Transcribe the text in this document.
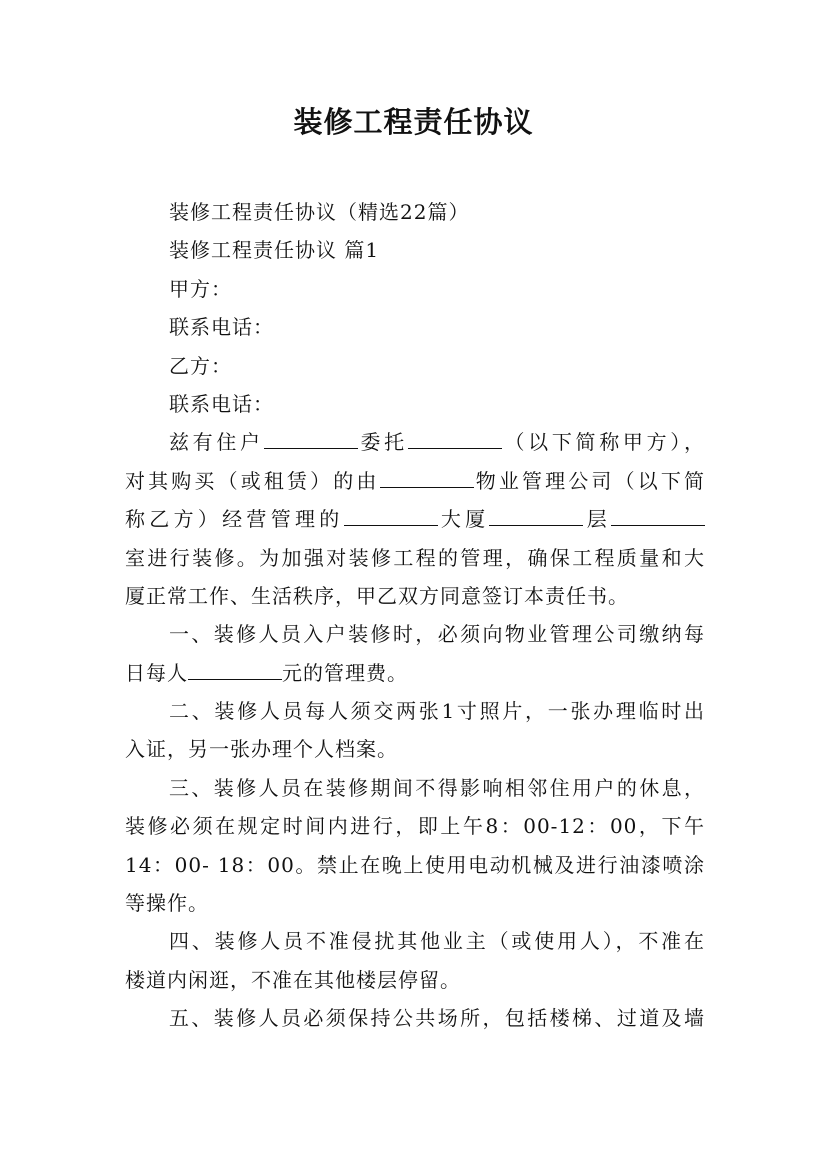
装修工程责任协议
装修工程责任协议（精选22篇）
装修工程责任协议 篇1
甲方：
联系电话：
乙方：
联系电话：
兹有住户	委托	（以下简称甲方），
对其购买（或租赁）的由	物业管理公司（以下简
称乙方）经营管理的	大厦	层
室进行装修。为加强对装修工程的管理，确保工程质量和大
厦正常工作、生活秩序，甲乙双方同意签订本责任书。
一、装修人员入户装修时，必须向物业管理公司缴纳每
日每人	元的管理费。
二、装修人员每人须交两张1寸照片，一张办理临时出
入证，另一张办理个人档案。
三、装修人员在装修期间不得影响相邻住用户的休息，
装修必须在规定时间内进行，即上午8：00-12：00，下午
14：00- 18：00。禁止在晚上使用电动机械及进行油漆喷涂
等操作。
四、装修人员不准侵扰其他业主（或使用人），不准在
楼道内闲逛，不准在其他楼层停留。
五、装修人员必须保持公共场所，包括楼梯、过道及墙
